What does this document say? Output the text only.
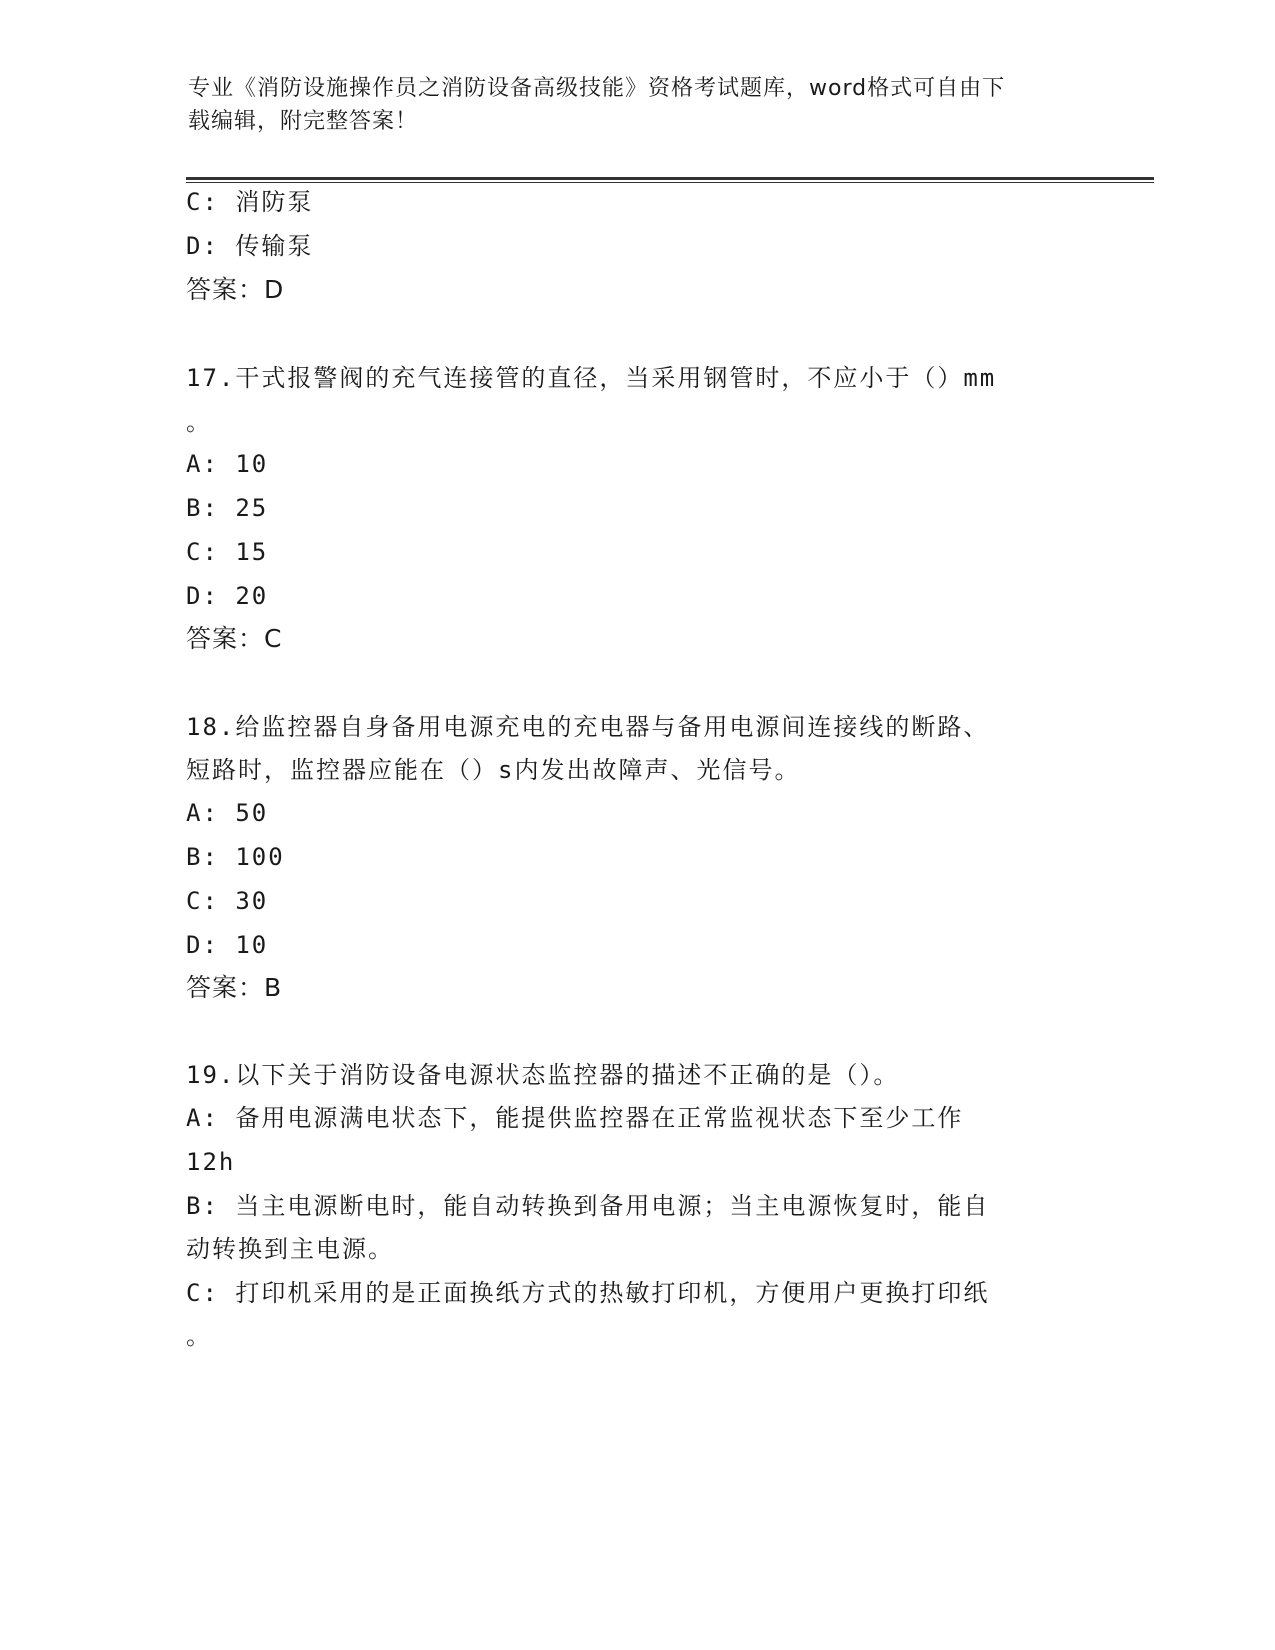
专业《消防设施操作员之消防设备高级技能》资格考试题库，word格式可自由下
载编辑，附完整答案！
C: 消防泵
D: 传输泵
答案：D
17.干式报警阀的充气连接管的直径，当采用钢管时，不应小于（）mm
。
A: 10
B: 25
C: 15
D: 20
答案：C
18.给监控器自身备用电源充电的充电器与备用电源间连接线的断路、
短路时，监控器应能在（）s内发出故障声、光信号。
A: 50
B: 100
C: 30
D: 10
答案：B
19.以下关于消防设备电源状态监控器的描述不正确的是（）。
A: 备用电源满电状态下，能提供监控器在正常监视状态下至少工作
12h
B: 当主电源断电时，能自动转换到备用电源；当主电源恢复时，能自
动转换到主电源。
C: 打印机采用的是正面换纸方式的热敏打印机，方便用户更换打印纸
。
